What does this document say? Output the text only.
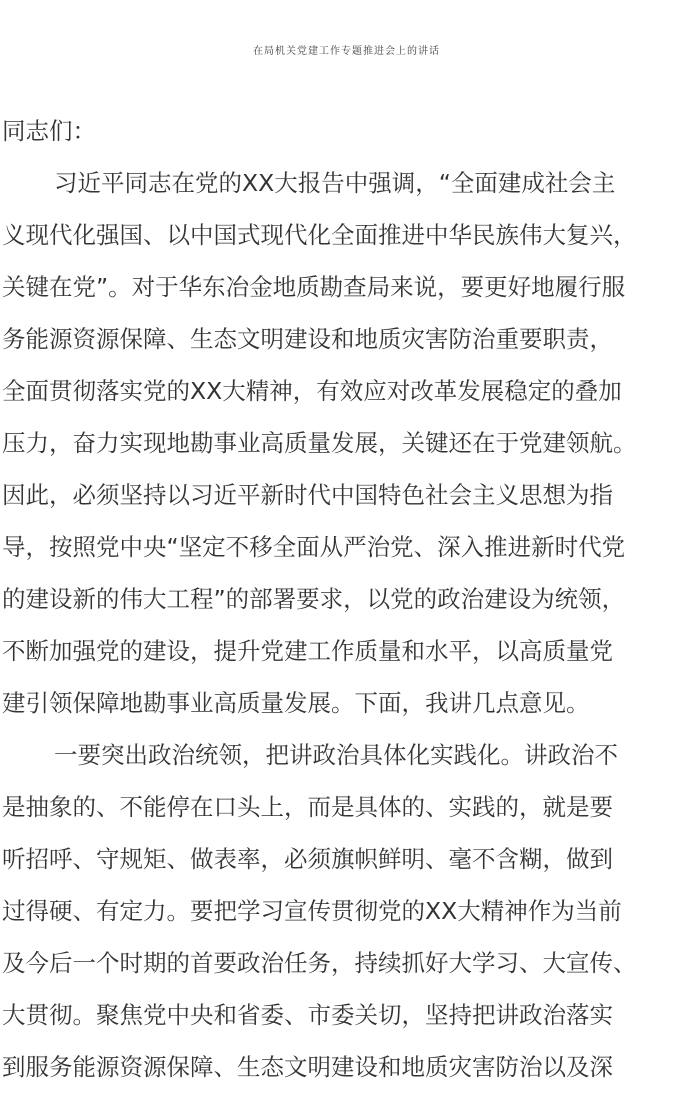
在局机关党建工作专题推进会上的讲话
同志们：
习近平同志在党的XX大报告中强调，“全面建成社会主
义现代化强国、以中国式现代化全面推进中华民族伟大复兴，
关键在党”。对于华东冶金地质勘查局来说，要更好地履行服
务能源资源保障、生态文明建设和地质灾害防治重要职责，
全面贯彻落实党的XX大精神，有效应对改革发展稳定的叠加
压力，奋力实现地勘事业高质量发展，关键还在于党建领航。
因此，必须坚持以习近平新时代中国特色社会主义思想为指
导，按照党中央“坚定不移全面从严治党、深入推进新时代党
的建设新的伟大工程”的部署要求，以党的政治建设为统领，
不断加强党的建设，提升党建工作质量和水平，以高质量党
建引领保障地勘事业高质量发展。下面，我讲几点意见。
一要突出政治统领，把讲政治具体化实践化。讲政治不
是抽象的、不能停在口头上，而是具体的、实践的，就是要
听招呼、守规矩、做表率，必须旗帜鲜明、毫不含糊，做到
过得硬、有定力。要把学习宣传贯彻党的XX大精神作为当前
及今后一个时期的首要政治任务，持续抓好大学习、大宣传、
大贯彻。聚焦党中央和省委、市委关切，坚持把讲政治落实
到服务能源资源保障、生态文明建设和地质灾害防治以及深
